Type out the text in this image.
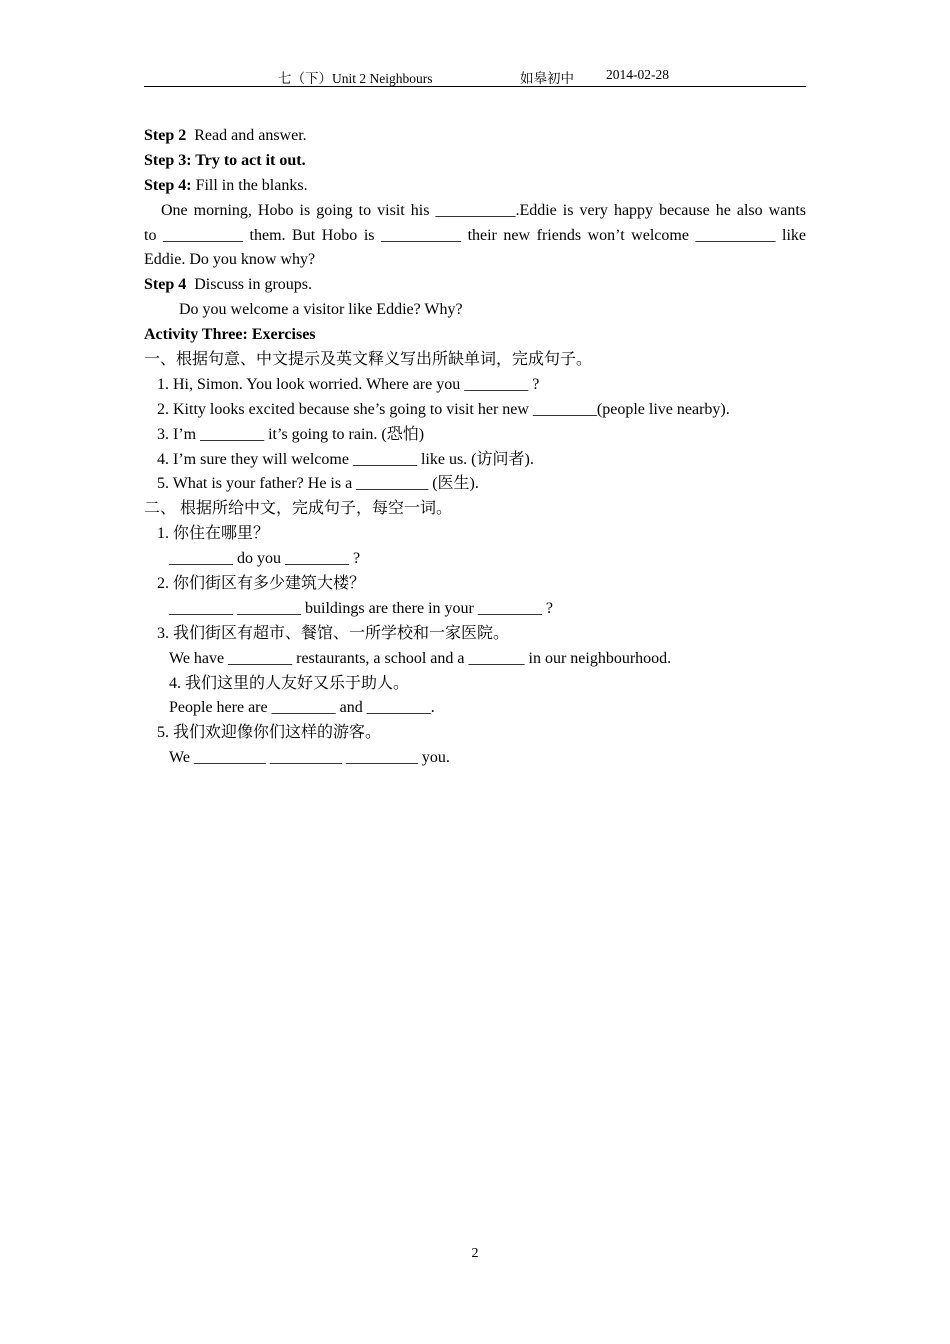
七（下）Unit 2 Neighbours	如皋初中 2014-02-28
Step 2 Read and answer.
Step 3: Try to act it out.
Step 4: Fill in the blanks.
One morning, Hobo is going to visit his __________.Eddie is very happy because he also wants
to __________ them. But Hobo is __________ their new friends won’t welcome __________ like
Eddie. Do you know why?
Step 4 Discuss in groups.
Do you welcome a visitor like Eddie? Why?
Activity Three: Exercises
一、根据句意、中文提示及英文释义写出所缺单词，完成句子。
1. Hi, Simon. You look worried. Where are you ________ ?
2. Kitty looks excited because she’s going to visit her new ________(people live nearby).
3. I’m ________ it’s going to rain. (恐怕)
4. I’m sure they will welcome ________ like us. (访问者).
5. What is your father? He is a _________ (医生).
二、 根据所给中文，完成句子，每空一词。
1. 你住在哪里？
________ do you ________ ?
2. 你们街区有多少建筑大楼？
________ ________ buildings are there in your ________ ?
3. 我们街区有超市、餐馆、一所学校和一家医院。
We have ________ restaurants, a school and a _______ in our neighbourhood.
4. 我们这里的人友好又乐于助人。
People here are ________ and ________.
5. 我们欢迎像你们这样的游客。
We _________ _________ _________ you.
2
